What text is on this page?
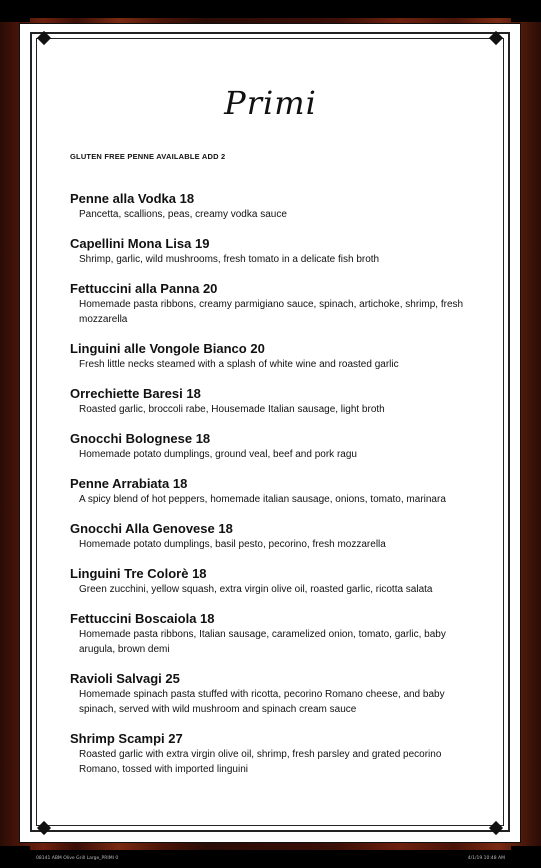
Primi
GLUTEN FREE PENNE AVAILABLE ADD 2
Penne alla Vodka 18
Pancetta, scallions, peas, creamy vodka sauce
Capellini Mona Lisa 19
Shrimp, garlic, wild mushrooms, fresh tomato in a delicate fish broth
Fettuccini alla Panna 20
Homemade pasta ribbons, creamy parmigiano sauce, spinach, artichoke, shrimp, fresh mozzarella
Linguini alle Vongole Bianco 20
Fresh little necks steamed with a splash of white wine and roasted garlic
Orrechiette Baresi 18
Roasted garlic, broccoli rabe, Housemade Italian sausage, light broth
Gnocchi Bolognese 18
Homemade potato dumplings, ground veal, beef and pork ragu
Penne Arrabiata 18
A spicy blend of hot peppers, homemade italian sausage, onions, tomato, marinara
Gnocchi Alla Genovese 18
Homemade potato dumplings, basil pesto, pecorino, fresh mozzarella
Linguini Tre Colorè 18
Green zucchini, yellow squash, extra virgin olive oil, roasted garlic, ricotta salata
Fettuccini Boscaiola 18
Homemade pasta ribbons, Italian sausage, caramelized onion, tomato, garlic, baby arugula, brown demi
Ravioli Salvagi 25
Homemade spinach pasta stuffed with ricotta, pecorino Romano cheese, and baby spinach, served with wild mushroom and spinach cream sauce
Shrimp Scampi 27
Roasted garlic with extra virgin olive oil, shrimp, fresh parsley and grated pecorino Romano, tossed with imported linguini
08141 ABM Olive Grill Large_PRIMI 0	4/1/19 10:48 AM
